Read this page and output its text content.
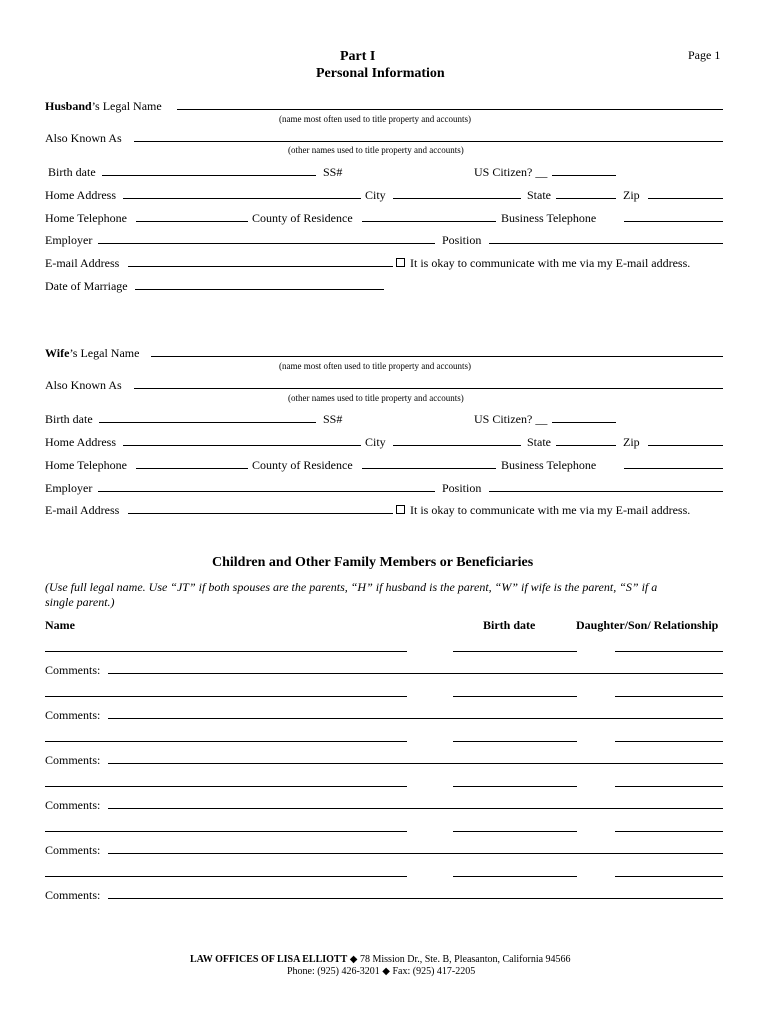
Part I
Personal Information
Page 1
Husband’s Legal Name
(name most often used to title property and accounts)
Also Known As
(other names used to title property and accounts)
Birth date	SS#	US Citizen? __
Home Address	City	State	Zip
Home Telephone	County of Residence	Business Telephone
Employer	Position
E-mail Address	It is okay to communicate with me via my E-mail address.
Date of Marriage
Wife’s Legal Name
(name most often used to title property and accounts)
Also Known As
(other names used to title property and accounts)
Birth date	SS#	US Citizen? __
Home Address	City	State	Zip
Home Telephone	County of Residence	Business Telephone
Employer	Position
E-mail Address	It is okay to communicate with me via my E-mail address.
Children and Other Family Members or Beneficiaries
(Use full legal name. Use “JT” if both spouses are the parents, “H” if husband is the parent, “W” if wife is the parent, “S” if a
single parent.)
Name	Birth date	Daughter/Son/ Relationship
Comments:
Comments:
Comments:
Comments:
Comments:
Comments:
LAW OFFICES OF LISA ELLIOTT ◆ 78 Mission Dr., Ste. B, Pleasanton, California 94566
Phone: (925) 426-3201 ◆ Fax: (925) 417-2205
